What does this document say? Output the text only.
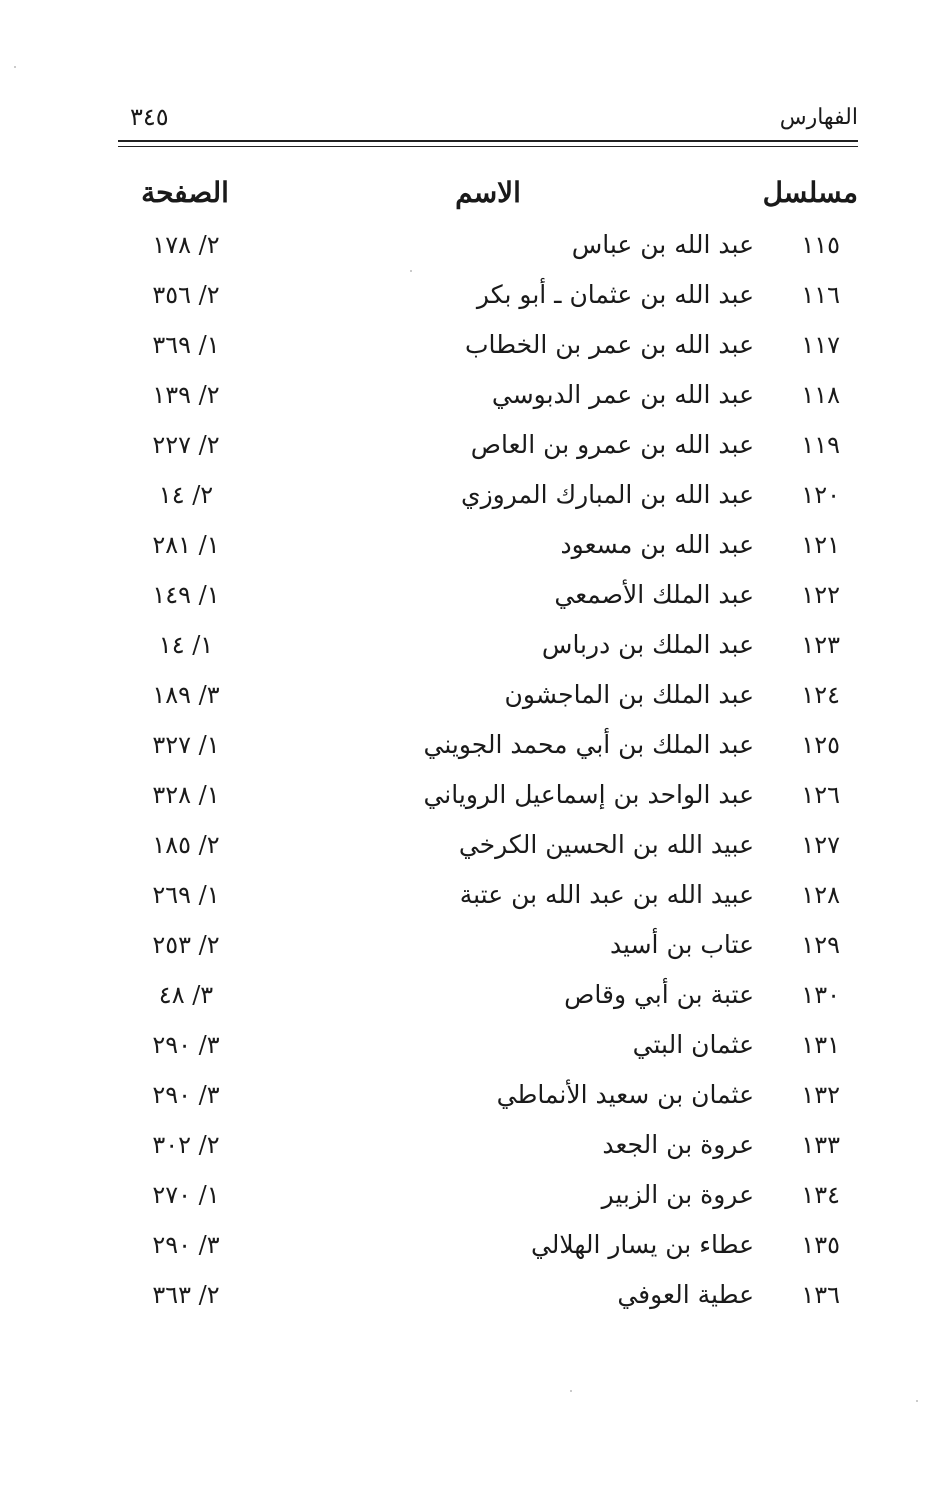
٣٤٥	الفهارس
مسلسل
الاسم
الصفحة
١١٥
عبد الله بن عباس
٢/ ١٧٨
١١٦
عبد الله بن عثمان ـ أبو بكر
٢/ ٣٥٦
١١٧
عبد الله بن عمر بن الخطاب
١/ ٣٦٩
١١٨
عبد الله بن عمر الدبوسي
٢/ ١٣٩
١١٩
عبد الله بن عمرو بن العاص
٢/ ٢٢٧
١٢٠
عبد الله بن المبارك المروزي
٢/ ١٤
١٢١
عبد الله بن مسعود
١/ ٢٨١
١٢٢
عبد الملك الأصمعي
١/ ١٤٩
١٢٣
عبد الملك بن درباس
١/ ١٤
١٢٤
عبد الملك بن الماجشون
٣/ ١٨٩
١٢٥
عبد الملك بن أبي محمد الجويني
١/ ٣٢٧
١٢٦
عبد الواحد بن إسماعيل الروياني
١/ ٣٢٨
١٢٧
عبيد الله بن الحسين الكرخي
٢/ ١٨٥
١٢٨
عبيد الله بن عبد الله بن عتبة
١/ ٢٦٩
١٢٩
عتاب بن أسيد
٢/ ٢٥٣
١٣٠
عتبة بن أبي وقاص
٣/ ٤٨
١٣١
عثمان البتي
٣/ ٢٩٠
١٣٢
عثمان بن سعيد الأنماطي
٣/ ٢٩٠
١٣٣
عروة بن الجعد
٢/ ٣٠٢
١٣٤
عروة بن الزبير
١/ ٢٧٠
١٣٥
عطاء بن يسار الهلالي
٣/ ٢٩٠
١٣٦
عطية العوفي
٢/ ٣٦٣
